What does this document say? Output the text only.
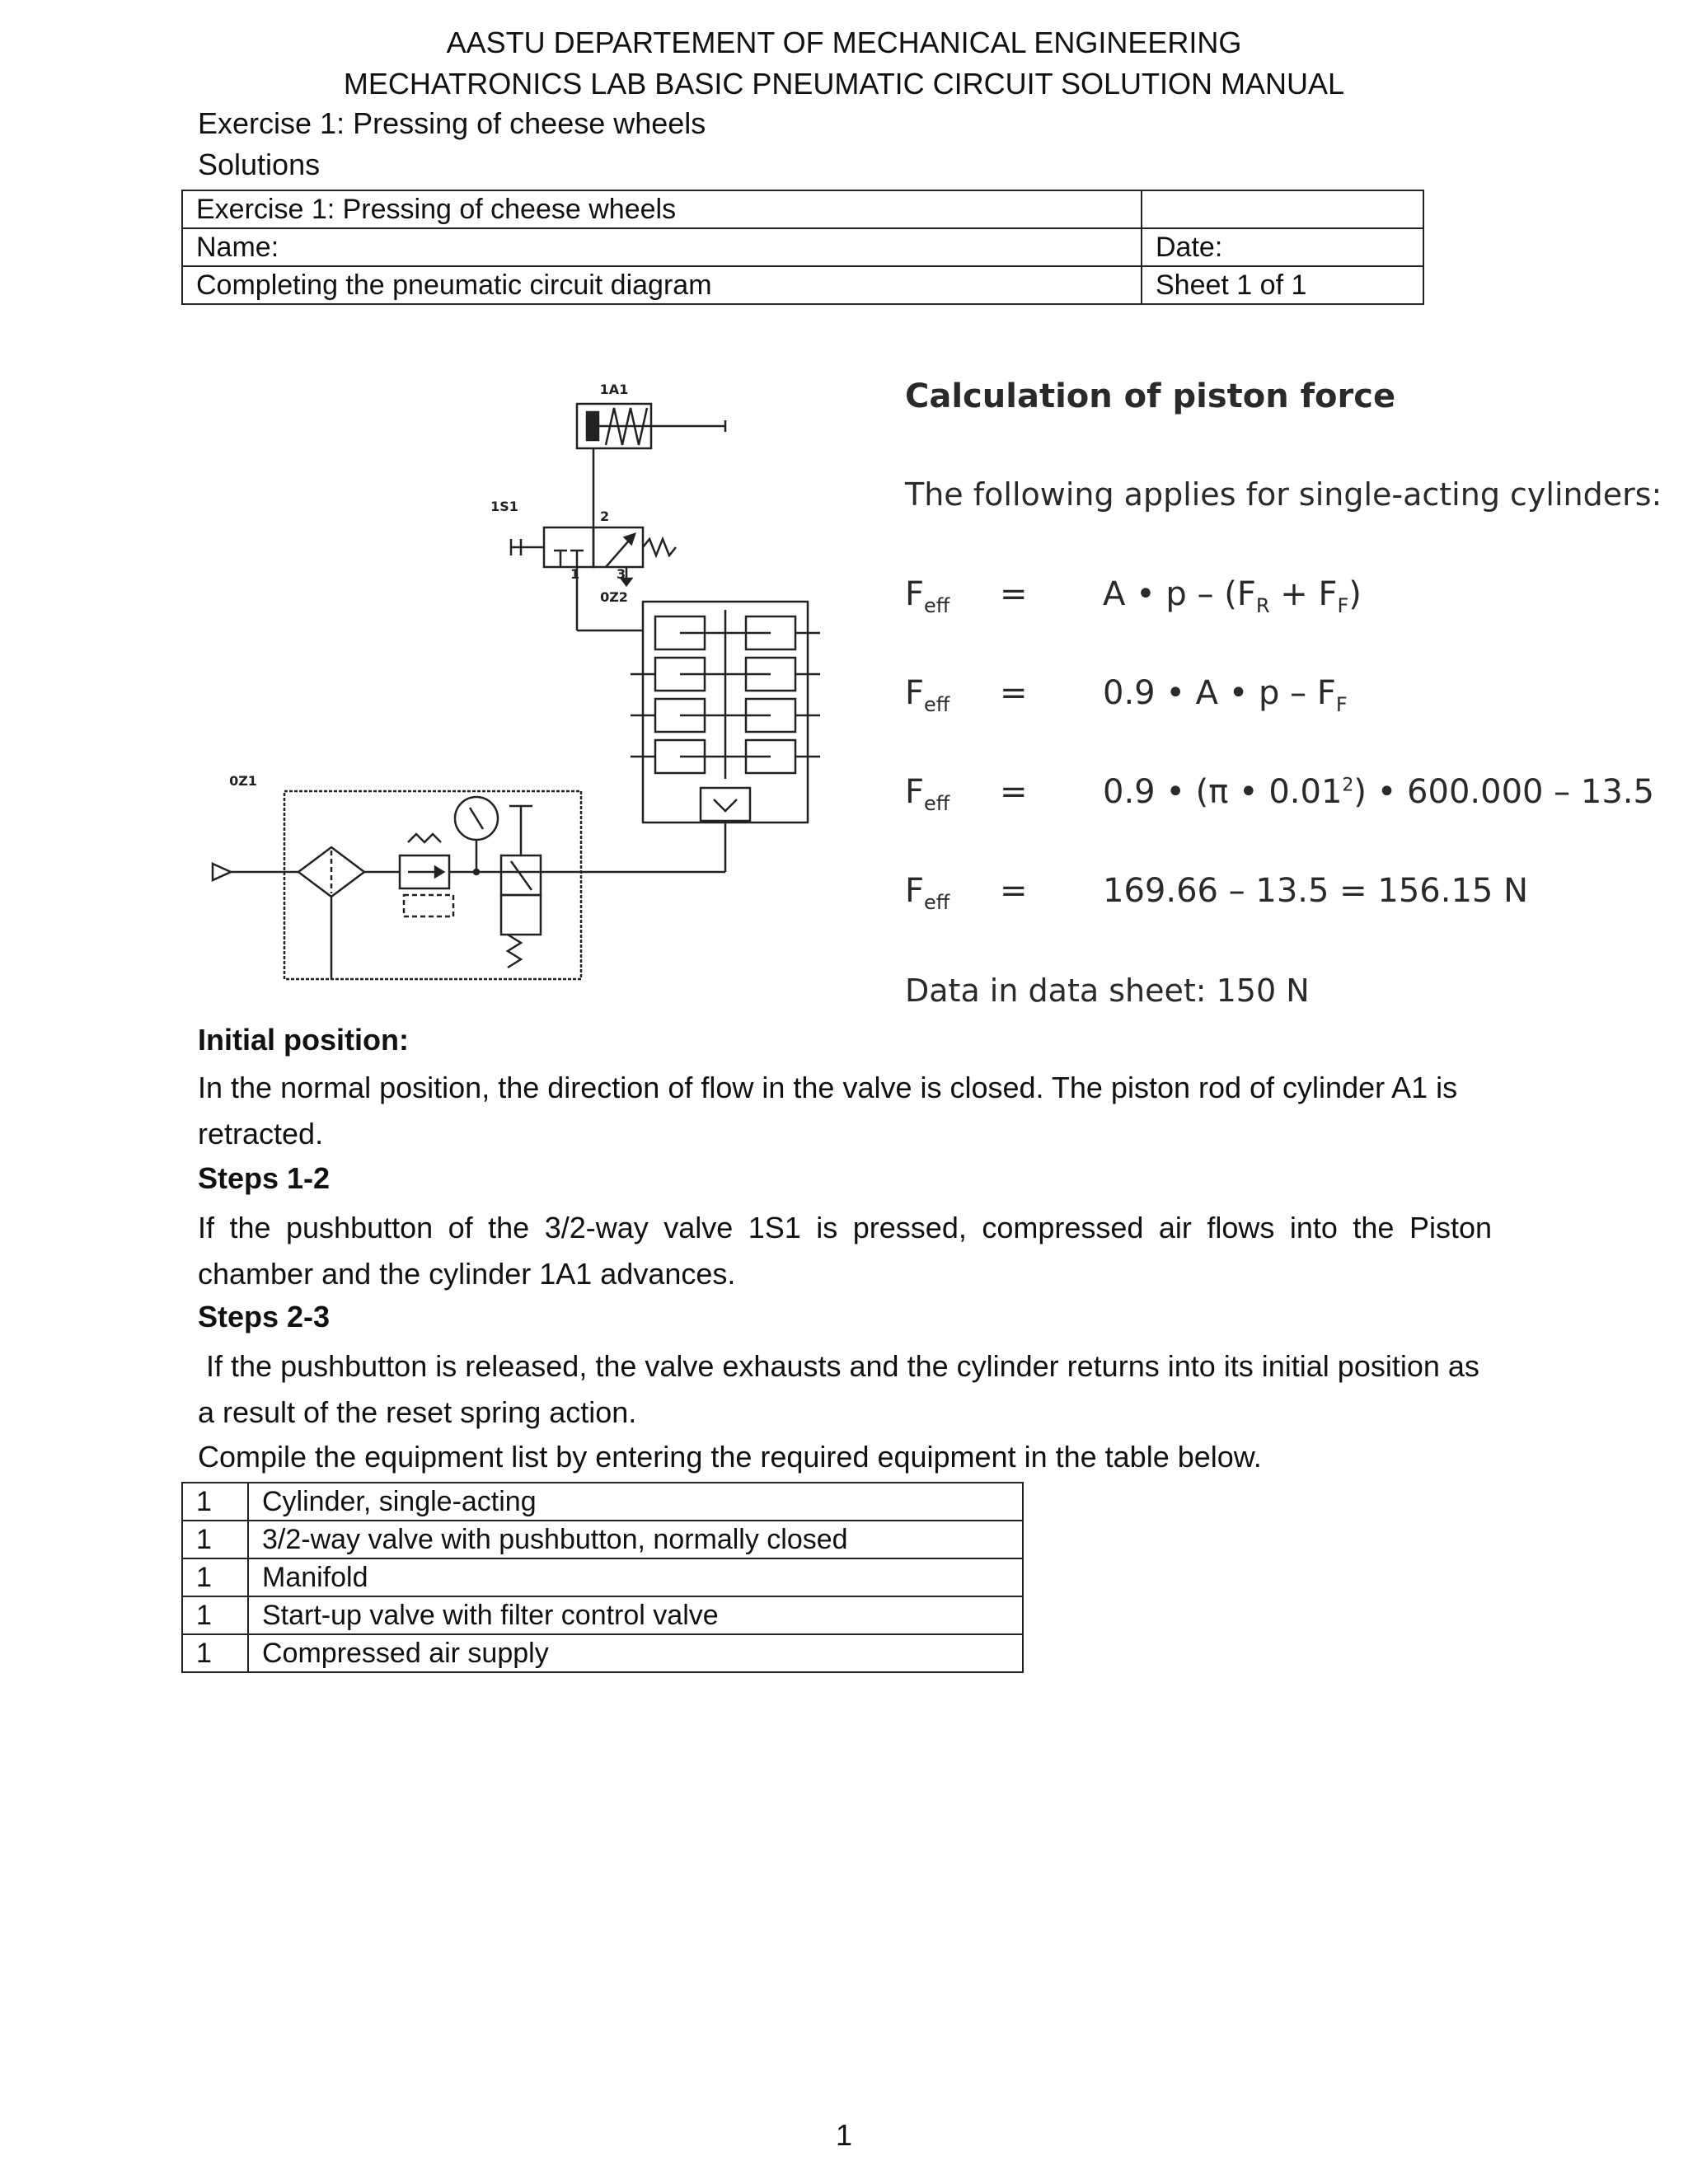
AASTU DEPARTEMENT OF MECHANICAL ENGINEERING
MECHATRONICS LAB BASIC PNEUMATIC CIRCUIT SOLUTION MANUAL
Exercise 1: Pressing of cheese wheels
Solutions
Exercise 1: Pressing of cheese wheels	
Name:	Date:
Completing the pneumatic circuit diagram	Sheet 1 of 1
1A1
1S1
0Z2
0Z1
2
1	3
Calculation of piston force
The following applies for single-acting cylinders:
$F_{eff} = A$ • $p - (F_R + F_F)$
$F_{eff} = 0.9$ • A • p – $F_F$
$F_{eff} = 0.9$ • (π • 0.01$^2$) • 600.000 – 13.5
$F_{eff} = 169.66 - 13.5 = 156.15$ N
Data in data sheet: 150 N
Initial position:
In the normal position, the direction of flow in the valve is closed. The piston rod of cylinder A1 is retracted.
Steps 1-2
If the pushbutton of the 3/2-way valve 1S1 is pressed, compressed air flows into the Piston chamber and the cylinder 1A1 advances.
Steps 2-3
If the pushbutton is released, the valve exhausts and the cylinder returns into its initial position as a result of the reset spring action.
Compile the equipment list by entering the required equipment in the table below.
1	Cylinder, single-acting
1	3/2-way valve with pushbutton, normally closed
1	Manifold
1	Start-up valve with filter control valve
1	Compressed air supply
1
